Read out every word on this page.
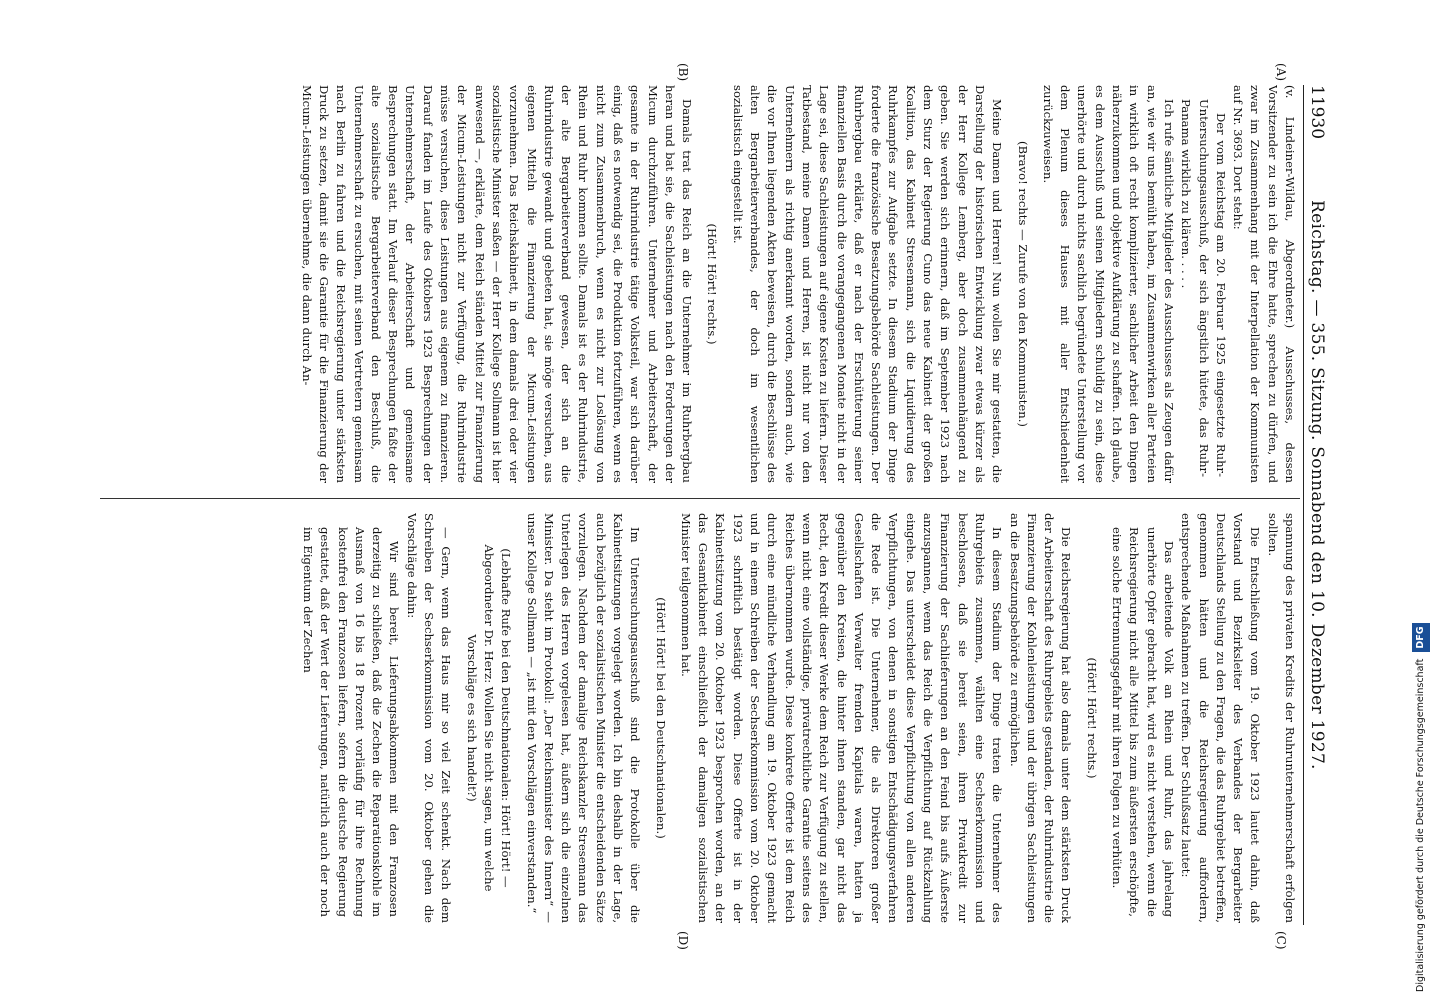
11930
Reichstag. — 355. Sitzung. Sonnabend den 10. Dezember 1927.
(A)
(B)
(C)
(D)

(v. Lindeiner-Wildau, Abgeordneter.) Ausschusses, dessen Vorsitzender zu sein ich die Ehre hatte, sprechen zu dürfen, und zwar im Zusammenhang mit der Interpellation der Kommunisten auf Nr. 3693. Dort steht:

Der vom Reichstag am 20. Februar 1925 eingesetzte Ruhr-Untersuchungsausschuß, der sich ängstlich hütete, das Ruhr-Panama wirklich zu klären. . . . .

Ich rufe sämtliche Mitglieder des Ausschusses als Zeugen dafür an, wie wir uns bemüht haben, im Zusammenwirken aller Parteien in wirklich oft recht komplizierter, sachlicher Arbeit den Dingen näherzukommen und objektive Aufklärung zu schaffen. Ich glaube, es dem Ausschuß und seinen Mitgliedern schuldig zu sein, diese unerhörte und durch nichts sachlich begründete Unterstellung vor dem Plenum dieses Hauses mit aller Entschiedenheit zurückzuweisen.

(Bravo! rechts — Zurufe von den Kommunisten.)

Meine Damen und Herren! Nun wollen Sie mir gestatten, die Darstellung der historischen Entwicklung zwar etwas kürzer als der Herr Kollege Lemberg, aber doch zusammenhängend zu geben. Sie werden sich erinnern, daß im September 1923 nach dem Sturz der Regierung Cuno das neue Kabinett der großen Koalition, das Kabinett Stresemann, sich die Liquidierung des Ruhrkampfes zur Aufgabe setzte. In diesem Stadium der Dinge forderte die französische Besatzungsbehörde Sachleistungen. Der Ruhrbergbau erklärte, daß er nach der Erschütterung seiner finanziellen Basis durch die vorangegangenen Monate nicht in der Lage sei, diese Sachleistungen auf eigene Kosten zu liefern. Dieser Tatbestand, meine Damen und Herren, ist nicht nur von den Unternehmern als richtig anerkannt worden, sondern auch, wie die vor Ihnen liegenden Akten beweisen, durch die Beschlüsse des alten Bergarbeiterverbandes, der doch im wesentlichen sozialistisch eingestellt ist.

(Hört! Hört! rechts.)

Damals trat das Reich an die Unternehmer im Ruhrbergbau heran und bat sie, die Sachleistungen nach den Forderungen der Micum durchzuführen. Unternehmer und Arbeiterschaft, der gesamte in der Ruhrindustrie tätige Volksteil, war sich darüber einig, daß es notwendig sei, die Produktion fortzuführen, wenn es nicht zum Zusammenbruch, wenn es nicht zur Loslösung von Rhein und Ruhr kommen sollte. Damals ist es der Ruhrindustrie, der alte Bergarbeiterverband gewesen, der sich an die Ruhrindustrie gewandt und gebeten hat, sie möge versuchen, aus eigenen Mitteln die Finanzierung der Micum-Leistungen vorzunehmen. Das Reichskabinett, in dem damals drei oder vier sozialistische Minister saßen — der Herr Kollege Sollmann ist hier anwesend —, erklärte, dem Reich ständen Mittel zur Finanzierung der Micum-Leistungen nicht zur Verfügung, die Ruhrindustrie müsse versuchen, diese Leistungen aus eigenem zu finanzieren. Darauf fanden im Laufe des Oktobers 1923 Besprechungen der Unternehmerschaft, der Arbeiterschaft und gemeinsame Besprechungen statt. Im Verlauf dieser Besprechungen faßte der alte sozialistische Bergarbeiterverband den Beschluß, die Unternehmerschaft zu ersuchen, mit seinen Vertretern gemeinsam nach Berlin zu fahren und die Reichsregierung unter stärksten Druck zu setzen, damit sie die Garantie für die Finanzierung der Micum-Leistungen übernehme, die dann durch An-

spannung des privaten Kredits der Ruhrunternehmerschaft erfolgen sollten.

Die Entschließung vom 19. Oktober 1923 lautet dahin, daß Vorstand und Bezirksleiter des Verbandes der Bergarbeiter Deutschlands Stellung zu den Fragen, die das Ruhrgebiet betreffen, genommen hätten und die Reichsregierung auffordern, entsprechende Maßnahmen zu treffen. Der Schlußsatz lautet:

Das arbeitende Volk an Rhein und Ruhr, das jahrelang unerhörte Opfer gebracht hat, wird es nicht verstehen, wenn die Reichsregierung nicht alle Mittel bis zum äußersten erschöpfte, eine solche Ertrennungsgefahr mit ihren Folgen zu verhüten.

(Hört! Hört! rechts.)

Die Reichsregierung hat also damals unter dem stärksten Druck der Arbeiterschaft des Ruhrgebiets gestanden, der Ruhrindustrie die Finanzierung der Kohlenleistungen und der übrigen Sachleistungen an die Besatzungsbehörde zu ermöglichen.

In diesem Stadium der Dinge traten die Unternehmer des Ruhrgebiets zusammen, wählten eine Sechserkommission und beschlossen, daß sie bereit seien, ihren Privatkredit zur Finanzierung der Sachlieferungen an den Feind bis aufs Äußerste anzuspannen, wenn das Reich die Verpflichtung auf Rückzahlung eingehe. Das unterscheidet diese Verpflichtung von allen anderen Verpflichtungen, von denen in sonstigen Entschädigungsverfahren die Rede ist. Die Unternehmer, die als Direktoren großer Gesellschaften Verwalter fremden Kapitals waren, hatten ja gegenüber den Kreisen, die hinter ihnen standen, gar nicht das Recht, den Kredit dieser Werke dem Reich zur Verfügung zu stellen, wenn nicht eine vollständige, privatrechtliche Garantie seitens des Reiches übernommen wurde. Diese konkrete Offerte ist dem Reich durch eine mündliche Verhandlung am 19. Oktober 1923 gemacht und in einem Schreiben der Sechserkommission vom 20. Oktober 1923 schriftlich bestätigt worden. Diese Offerte ist in der Kabinettsitzung vom 20. Oktober 1923 besprochen worden, an der das Gesamtkabinett einschließlich der damaligen sozialistischen Minister teilgenommen hat.

(Hört! Hört! bei den Deutschnationalen.)

Im Untersuchungsausschuß sind die Protokolle über die Kabinettsitzungen vorgelegt worden. Ich bin deshalb in der Lage, auch bezüglich der sozialistischen Minister die entscheidenden Sätze vorzulegen. Nachdem der damalige Reichskanzler Stresemann das Unterlegen des Herren vorgelesen hat, äußern sich die einzelnen Minister. Da steht im Protokoll: „Der Reichsminister des Innern“ — unser Kollege Sollmann — „ist mit den Vorschlägen einverstanden.“

(Lebhafte Rufe bei den Deutschnationalen: Hört! Hört! — Abgeordneter Dr. Herz: Wollen Sie nicht sagen, um welche Vorschläge es sich handelt?)

— Gern, wenn das Haus mir so viel Zeit schenkt. Nach dem Schreiben der Sechserkommission vom 20. Oktober gehen die Vorschläge dahin:

Wir sind bereit, Lieferungsabkommen mit den Franzosen derzeitig zu schließen, daß die Zechen die Reparationskohle im Ausmaß von 16 bis 18 Prozent vorläufig für ihre Rechnung kostenfrei den Franzosen liefern, sofern die deutsche Regierung gestattet, daß der Wert der Lieferungen, natürlich auch der noch im Eigentum der Zechen

Digitalisierung gefördert durch die Deutsche Forschungsgemeinschaft DFG
